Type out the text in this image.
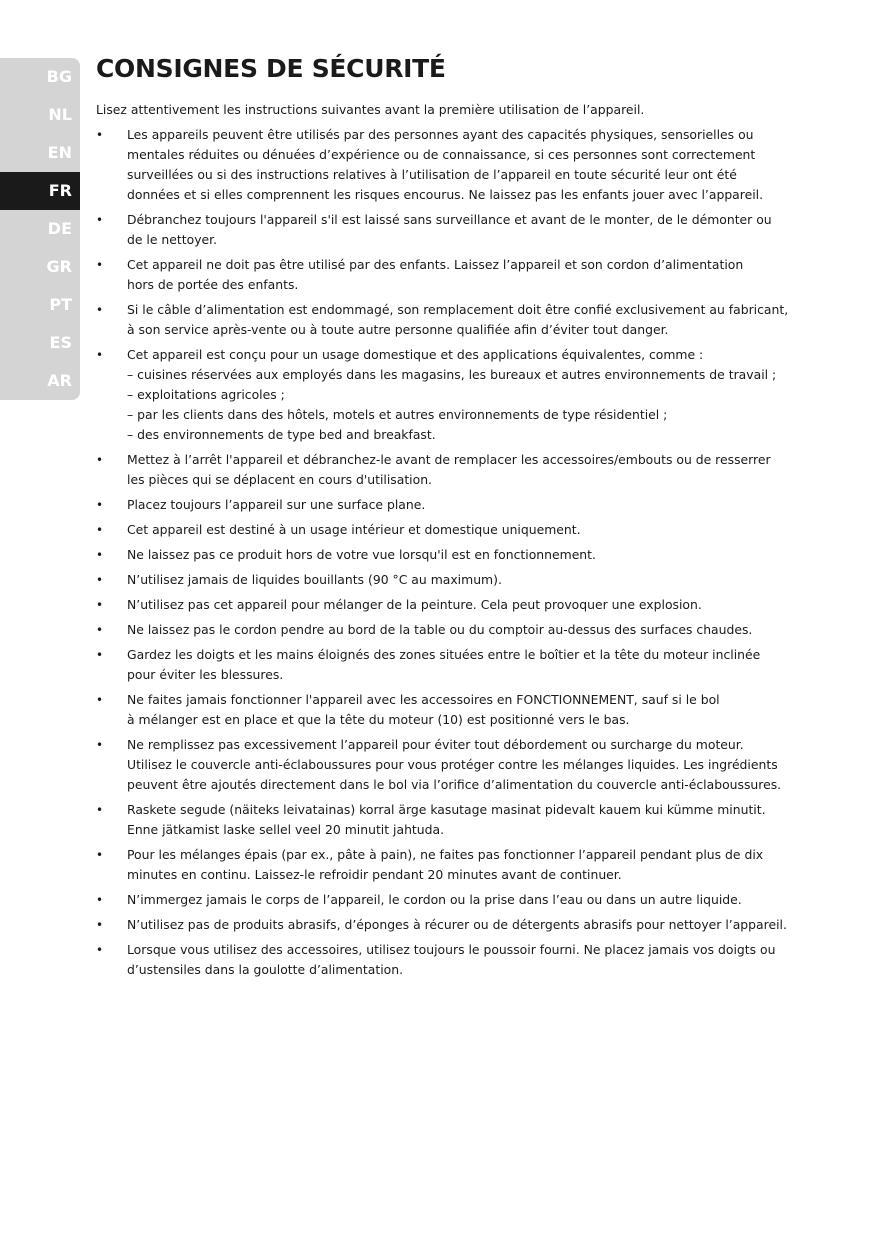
BG
NL
EN
FR
DE
GR
PT
ES
AR
CONSIGNES DE SÉCURITÉ

Lisez attentivement les instructions suivantes avant la première utilisation de l’appareil.

• Les appareils peuvent être utilisés par des personnes ayant des capacités physiques, sensorielles ou
mentales réduites ou dénuées d’expérience ou de connaissance, si ces personnes sont correctement
surveillées ou si des instructions relatives à l’utilisation de l’appareil en toute sécurité leur ont été
données et si elles comprennent les risques encourus. Ne laissez pas les enfants jouer avec l’appareil.
• Débranchez toujours l'appareil s'il est laissé sans surveillance et avant de le monter, de le démonter ou
de le nettoyer.
• Cet appareil ne doit pas être utilisé par des enfants. Laissez l’appareil et son cordon d’alimentation
hors de portée des enfants.
• Si le câble d’alimentation est endommagé, son remplacement doit être confié exclusivement au fabricant,
à son service après-vente ou à toute autre personne qualifiée afin d’éviter tout danger.
• Cet appareil est conçu pour un usage domestique et des applications équivalentes, comme :
– cuisines réservées aux employés dans les magasins, les bureaux et autres environnements de travail ;
– exploitations agricoles ;
– par les clients dans des hôtels, motels et autres environnements de type résidentiel ;
– des environnements de type bed and breakfast.
• Mettez à l’arrêt l'appareil et débranchez-le avant de remplacer les accessoires/embouts ou de resserrer
les pièces qui se déplacent en cours d'utilisation.
• Placez toujours l’appareil sur une surface plane.
• Cet appareil est destiné à un usage intérieur et domestique uniquement.
• Ne laissez pas ce produit hors de votre vue lorsqu'il est en fonctionnement.
• N’utilisez jamais de liquides bouillants (90 °C au maximum).
• N’utilisez pas cet appareil pour mélanger de la peinture. Cela peut provoquer une explosion.
• Ne laissez pas le cordon pendre au bord de la table ou du comptoir au-dessus des surfaces chaudes.
• Gardez les doigts et les mains éloignés des zones situées entre le boîtier et la tête du moteur inclinée
pour éviter les blessures.
• Ne faites jamais fonctionner l'appareil avec les accessoires en FONCTIONNEMENT, sauf si le bol
à mélanger est en place et que la tête du moteur (10) est positionné vers le bas.
• Ne remplissez pas excessivement l’appareil pour éviter tout débordement ou surcharge du moteur.
Utilisez le couvercle anti-éclaboussures pour vous protéger contre les mélanges liquides. Les ingrédients
peuvent être ajoutés directement dans le bol via l’orifice d’alimentation du couvercle anti-éclaboussures.
• Raskete segude (näiteks leivatainas) korral ärge kasutage masinat pidevalt kauem kui kümme minutit.
Enne jätkamist laske sellel veel 20 minutit jahtuda.
• Pour les mélanges épais (par ex., pâte à pain), ne faites pas fonctionner l’appareil pendant plus de dix
minutes en continu. Laissez-le refroidir pendant 20 minutes avant de continuer.
• N’immergez jamais le corps de l’appareil, le cordon ou la prise dans l’eau ou dans un autre liquide.
• N’utilisez pas de produits abrasifs, d’éponges à récurer ou de détergents abrasifs pour nettoyer l’appareil.
• Lorsque vous utilisez des accessoires, utilisez toujours le poussoir fourni. Ne placez jamais vos doigts ou
d’ustensiles dans la goulotte d’alimentation.
